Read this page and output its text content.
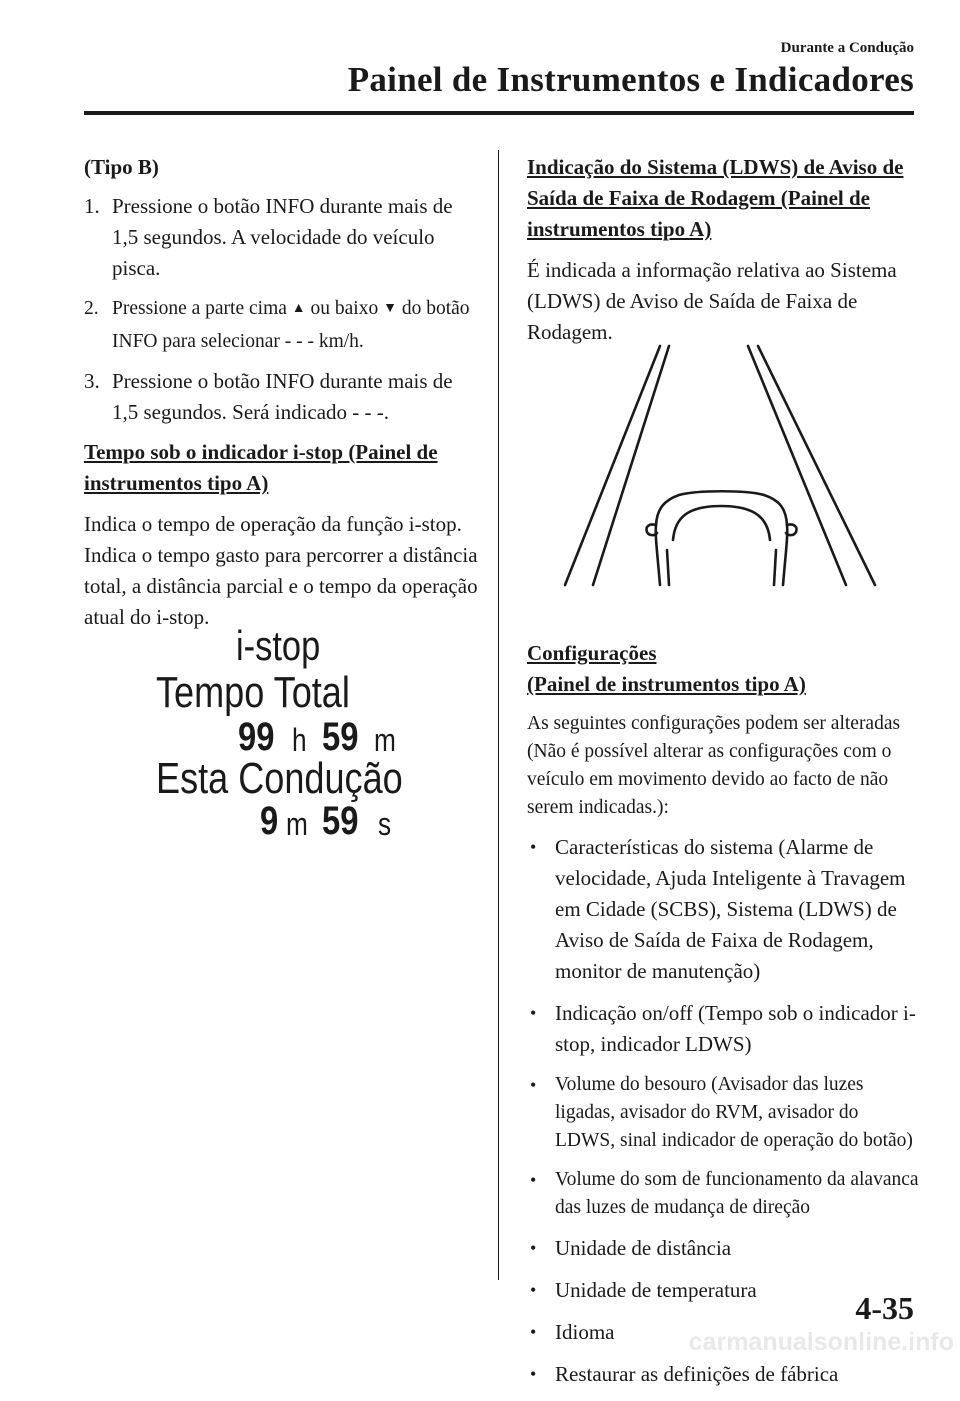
Durante a Condução
Painel de Instrumentos e Indicadores

(Tipo B)

1. Pressione o botão INFO durante mais de 1,5 segundos. A velocidade do veículo pisca.

2. Pressione a parte cima ▲ ou baixo ▼ do botão INFO para selecionar - - - km/h.

3. Pressione o botão INFO durante mais de 1,5 segundos. Será indicado - - -.

Tempo sob o indicador i-stop (Painel de instrumentos tipo A)

Indica o tempo de operação da função i-stop.

Indica o tempo gasto para percorrer a distância total, a distância parcial e o tempo da operação atual do i-stop.

i-stop
Tempo Total
99 h 59 m
Esta Condução
9 m 59 s

Indicação do Sistema (LDWS) de Aviso de Saída de Faixa de Rodagem (Painel de instrumentos tipo A)

É indicada a informação relativa ao Sistema (LDWS) de Aviso de Saída de Faixa de Rodagem.

Configurações

(Painel de instrumentos tipo A)

As seguintes configurações podem ser alteradas (Não é possível alterar as configurações com o veículo em movimento devido ao facto de não serem indicadas.):

• Características do sistema (Alarme de velocidade, Ajuda Inteligente à Travagem em Cidade (SCBS), Sistema (LDWS) de Aviso de Saída de Faixa de Rodagem, monitor de manutenção)
• Indicação on/off (Tempo sob o indicador i-stop, indicador LDWS)
• Volume do besouro (Avisador das luzes ligadas, avisador do RVM, avisador do LDWS, sinal indicador de operação do botão)
• Volume do som de funcionamento da alavanca das luzes de mudança de direção
• Unidade de distância
• Unidade de temperatura
• Idioma
• Restaurar as definições de fábrica
4-35
carmanualsonline.info
